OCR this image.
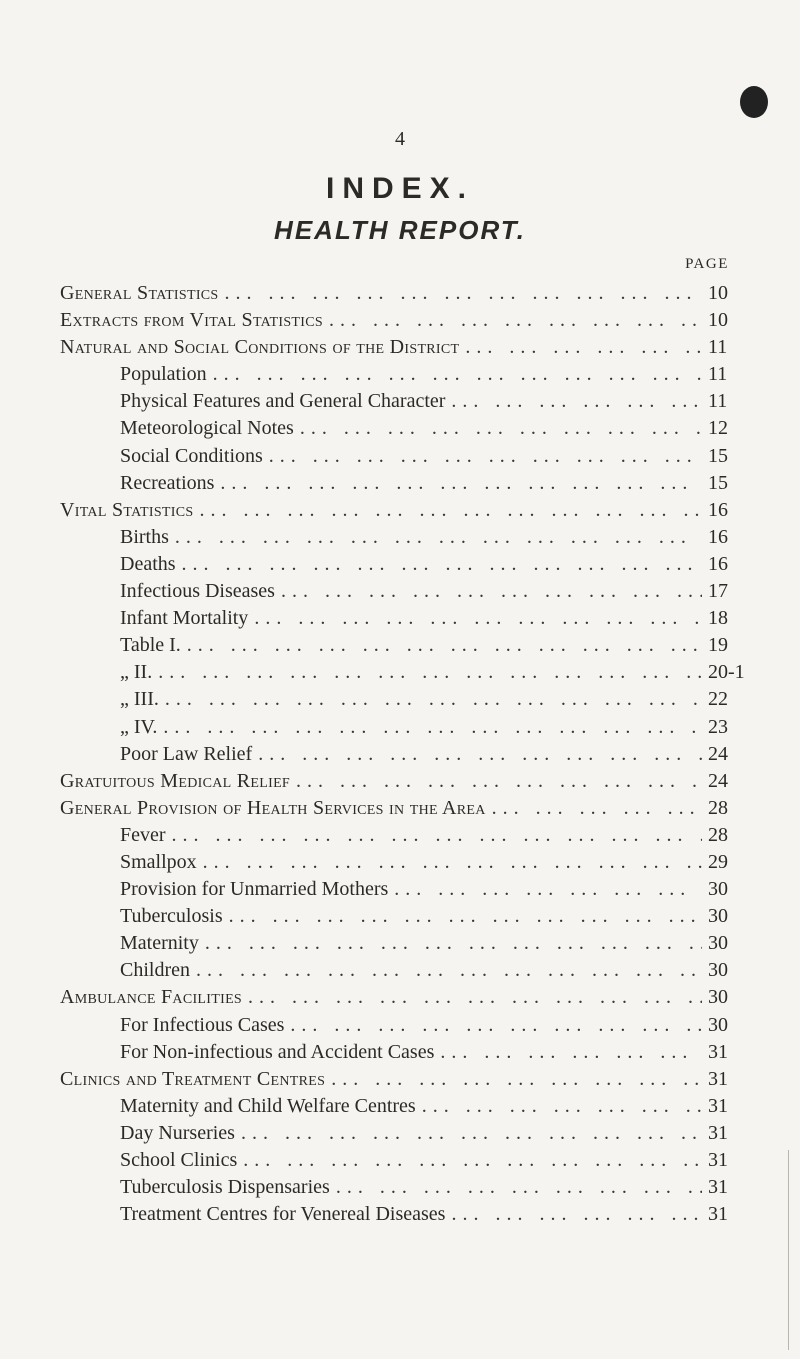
4
INDEX.
HEALTH REPORT.
PAGE
General Statistics ... .	10
Extracts from Vital Statistics ... .	10
Natural and Social Conditions of the District ... .	11
Population ... .	11
Physical Features and General Character ... .	11
Meteorological Notes ... .	12
Social Conditions ... .	15
Recreations ... .	15
Vital Statistics ... .	16
Births ... .	16
Deaths ... .	16
Infectious Diseases ... .	17
Infant Mortality ... .	18
Table I. ... .	19
„ II. ... .	20-1
„ III. ... .	22
„ IV. ... .	23
Poor Law Relief ... .	24
Gratuitous Medical Relief ... .	24
General Provision of Health Services in the Area ... .	28
Fever ... .	28
Smallpox ... .	29
Provision for Unmarried Mothers ... .	30
Tuberculosis ... .	30
Maternity ... .	30
Children ... .	30
Ambulance Facilities ... .	30
For Infectious Cases ... .	30
For Non-infectious and Accident Cases ... .	31
Clinics and Treatment Centres ... .	31
Maternity and Child Welfare Centres ... .	31
Day Nurseries ... .	31
School Clinics ... .	31
Tuberculosis Dispensaries ... .	31
Treatment Centres for Venereal Diseases ... .	31
